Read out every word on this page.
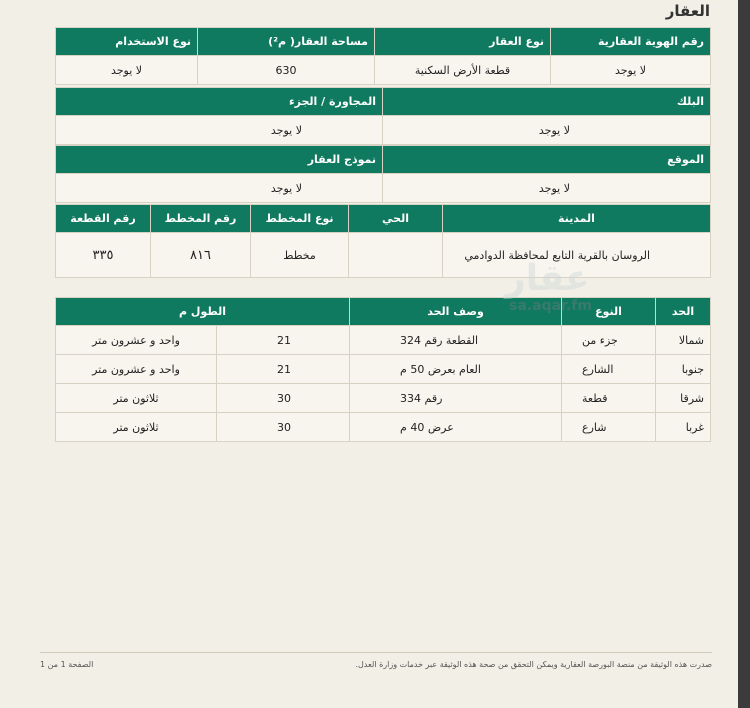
العقار
رقم الهوية العقارية	نوع العقار	مساحة العقار( م²)	نوع الاستخدام
لا يوجد	قطعة الأرض السكنية	630	لا يوجد
البلك	المجاورة / الجزء
لا يوجد	لا يوجد
الموقع	نموذج العقار
لا يوجد	لا يوجد
المدينة	الحي	نوع المخطط	رقم المخطط	رقم القطعة
الروسان بالقرية التابع لمحافظة الدوادمي		مخطط	٨١٦	٣٣٥
الحد	النوع	وصف الحد	الطول م	
شمالا	جزء من	القطعة رقم 324	21	واحد و عشرون متر
جنوبا	الشارع	العام بعرض 50 م	21	واحد و عشرون متر
شرقا	قطعة	رقم 334	30	ثلاثون متر
غربا	شارع	عرض 40 م	30	ثلاثون متر
عقار
sa.aqar.fm
صدرت هذه الوثيقة من منصة البورصة العقارية ويمكن التحقق من صحة هذه الوثيقة عبر خدمات وزارة العدل.
الصفحة 1 من 1
